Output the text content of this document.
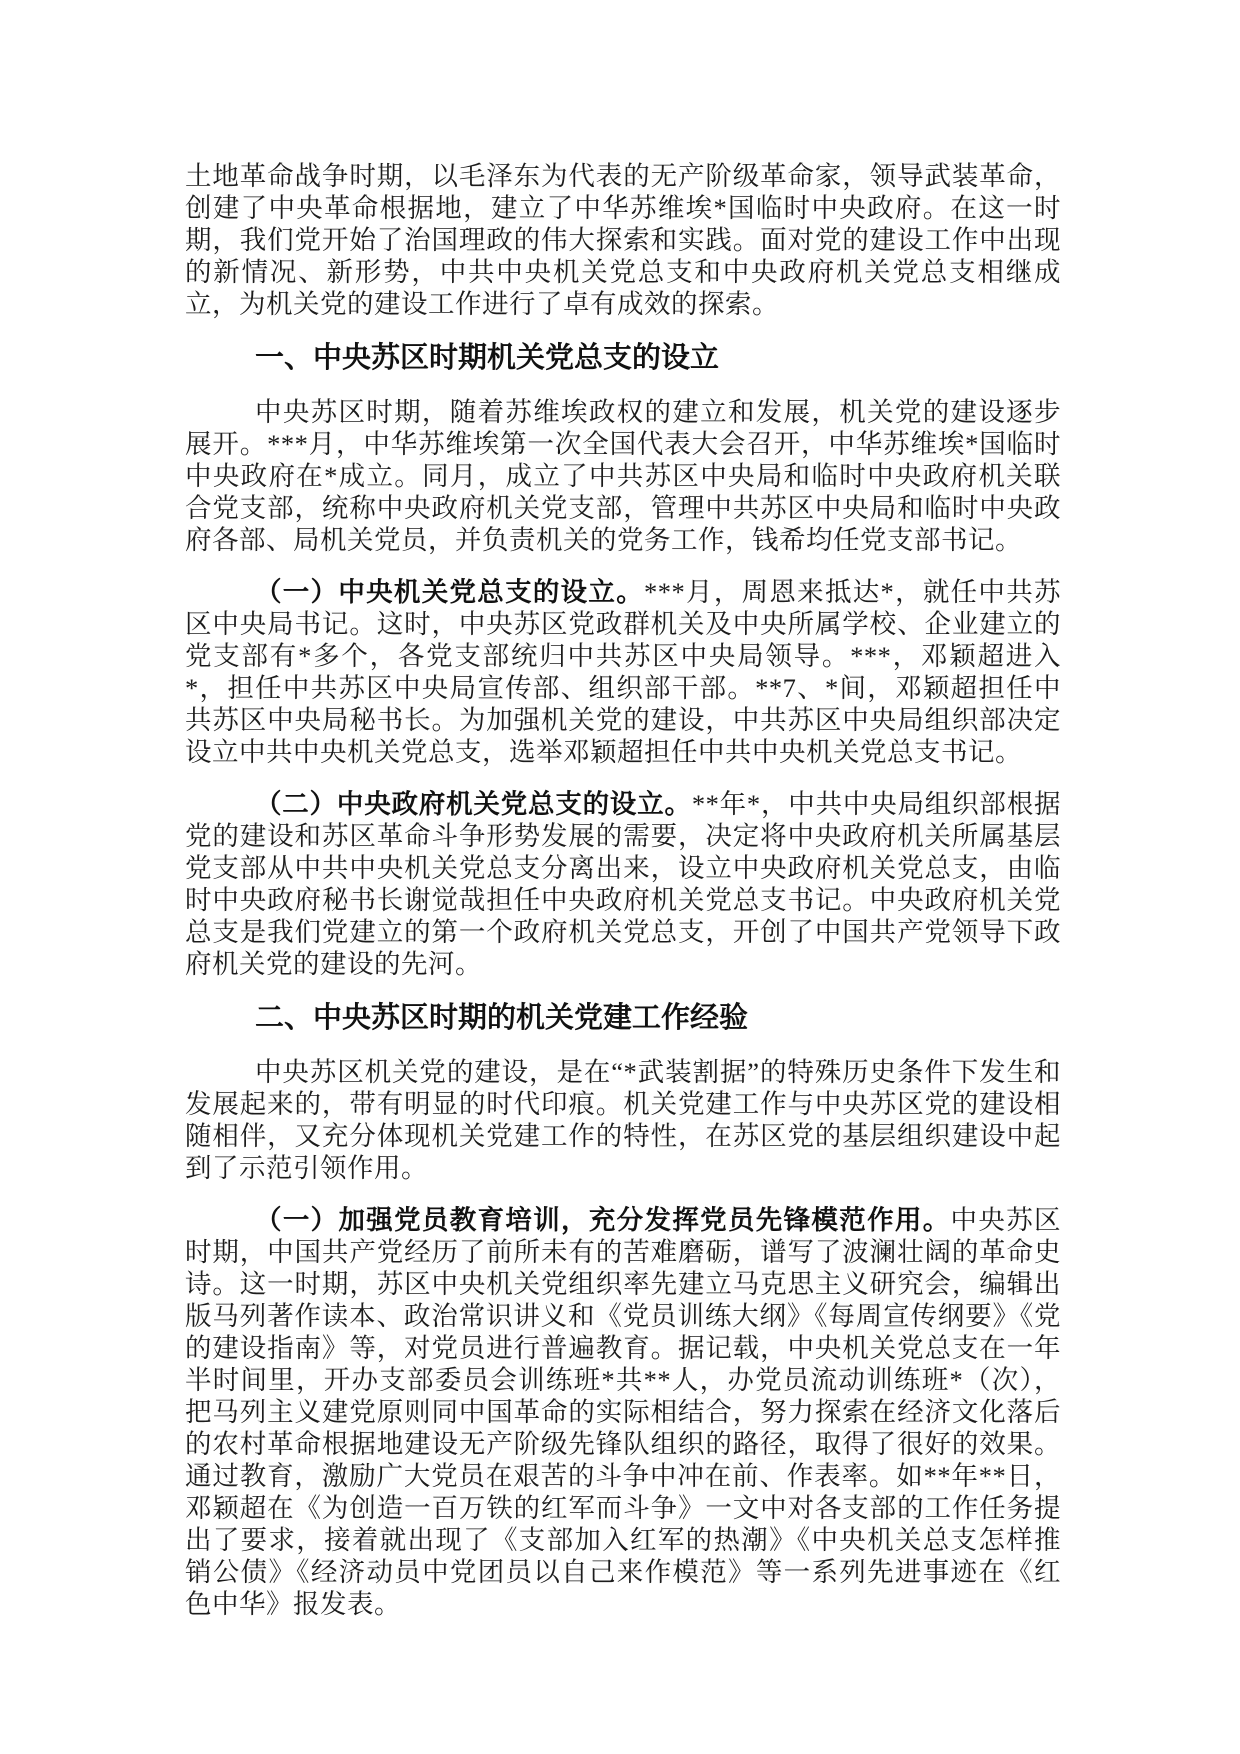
土地革命战争时期，以毛泽东为代表的无产阶级革命家，领导武装革命，创建了中央革命根据地，建立了中华苏维埃*国临时中央政府。在这一时期，我们党开始了治国理政的伟大探索和实践。面对党的建设工作中出现的新情况、新形势，中共中央机关党总支和中央政府机关党总支相继成立，为机关党的建设工作进行了卓有成效的探索。

一、中央苏区时期机关党总支的设立

中央苏区时期，随着苏维埃政权的建立和发展，机关党的建设逐步展开。***月，中华苏维埃第一次全国代表大会召开，中华苏维埃*国临时中央政府在*成立。同月，成立了中共苏区中央局和临时中央政府机关联合党支部，统称中央政府机关党支部，管理中共苏区中央局和临时中央政府各部、局机关党员，并负责机关的党务工作，钱希均任党支部书记。

（一）中央机关党总支的设立。***月，周恩来抵达*，就任中共苏区中央局书记。这时，中央苏区党政群机关及中央所属学校、企业建立的党支部有*多个，各党支部统归中共苏区中央局领导。***，邓颖超进入*，担任中共苏区中央局宣传部、组织部干部。**7、*间，邓颖超担任中共苏区中央局秘书长。为加强机关党的建设，中共苏区中央局组织部决定设立中共中央机关党总支，选举邓颖超担任中共中央机关党总支书记。

（二）中央政府机关党总支的设立。**年*，中共中央局组织部根据党的建设和苏区革命斗争形势发展的需要，决定将中央政府机关所属基层党支部从中共中央机关党总支分离出来，设立中央政府机关党总支，由临时中央政府秘书长谢觉哉担任中央政府机关党总支书记。中央政府机关党总支是我们党建立的第一个政府机关党总支，开创了中国共产党领导下政府机关党的建设的先河。

二、中央苏区时期的机关党建工作经验

中央苏区机关党的建设，是在“*武装割据”的特殊历史条件下发生和发展起来的，带有明显的时代印痕。机关党建工作与中央苏区党的建设相随相伴，又充分体现机关党建工作的特性，在苏区党的基层组织建设中起到了示范引领作用。

（一）加强党员教育培训，充分发挥党员先锋模范作用。中央苏区时期，中国共产党经历了前所未有的苦难磨砺，谱写了波澜壮阔的革命史诗。这一时期，苏区中央机关党组织率先建立马克思主义研究会，编辑出版马列著作读本、政治常识讲义和《党员训练大纲》《每周宣传纲要》《党的建设指南》等，对党员进行普遍教育。据记载，中央机关党总支在一年半时间里，开办支部委员会训练班*共**人，办党员流动训练班*（次），把马列主义建党原则同中国革命的实际相结合，努力探索在经济文化落后的农村革命根据地建设无产阶级先锋队组织的路径，取得了很好的效果。通过教育，激励广大党员在艰苦的斗争中冲在前、作表率。如**年**日，邓颖超在《为创造一百万铁的红军而斗争》一文中对各支部的工作任务提出了要求，接着就出现了《支部加入红军的热潮》《中央机关总支怎样推销公债》《经济动员中党团员以自己来作模范》等一系列先进事迹在《红色中华》报发表。
